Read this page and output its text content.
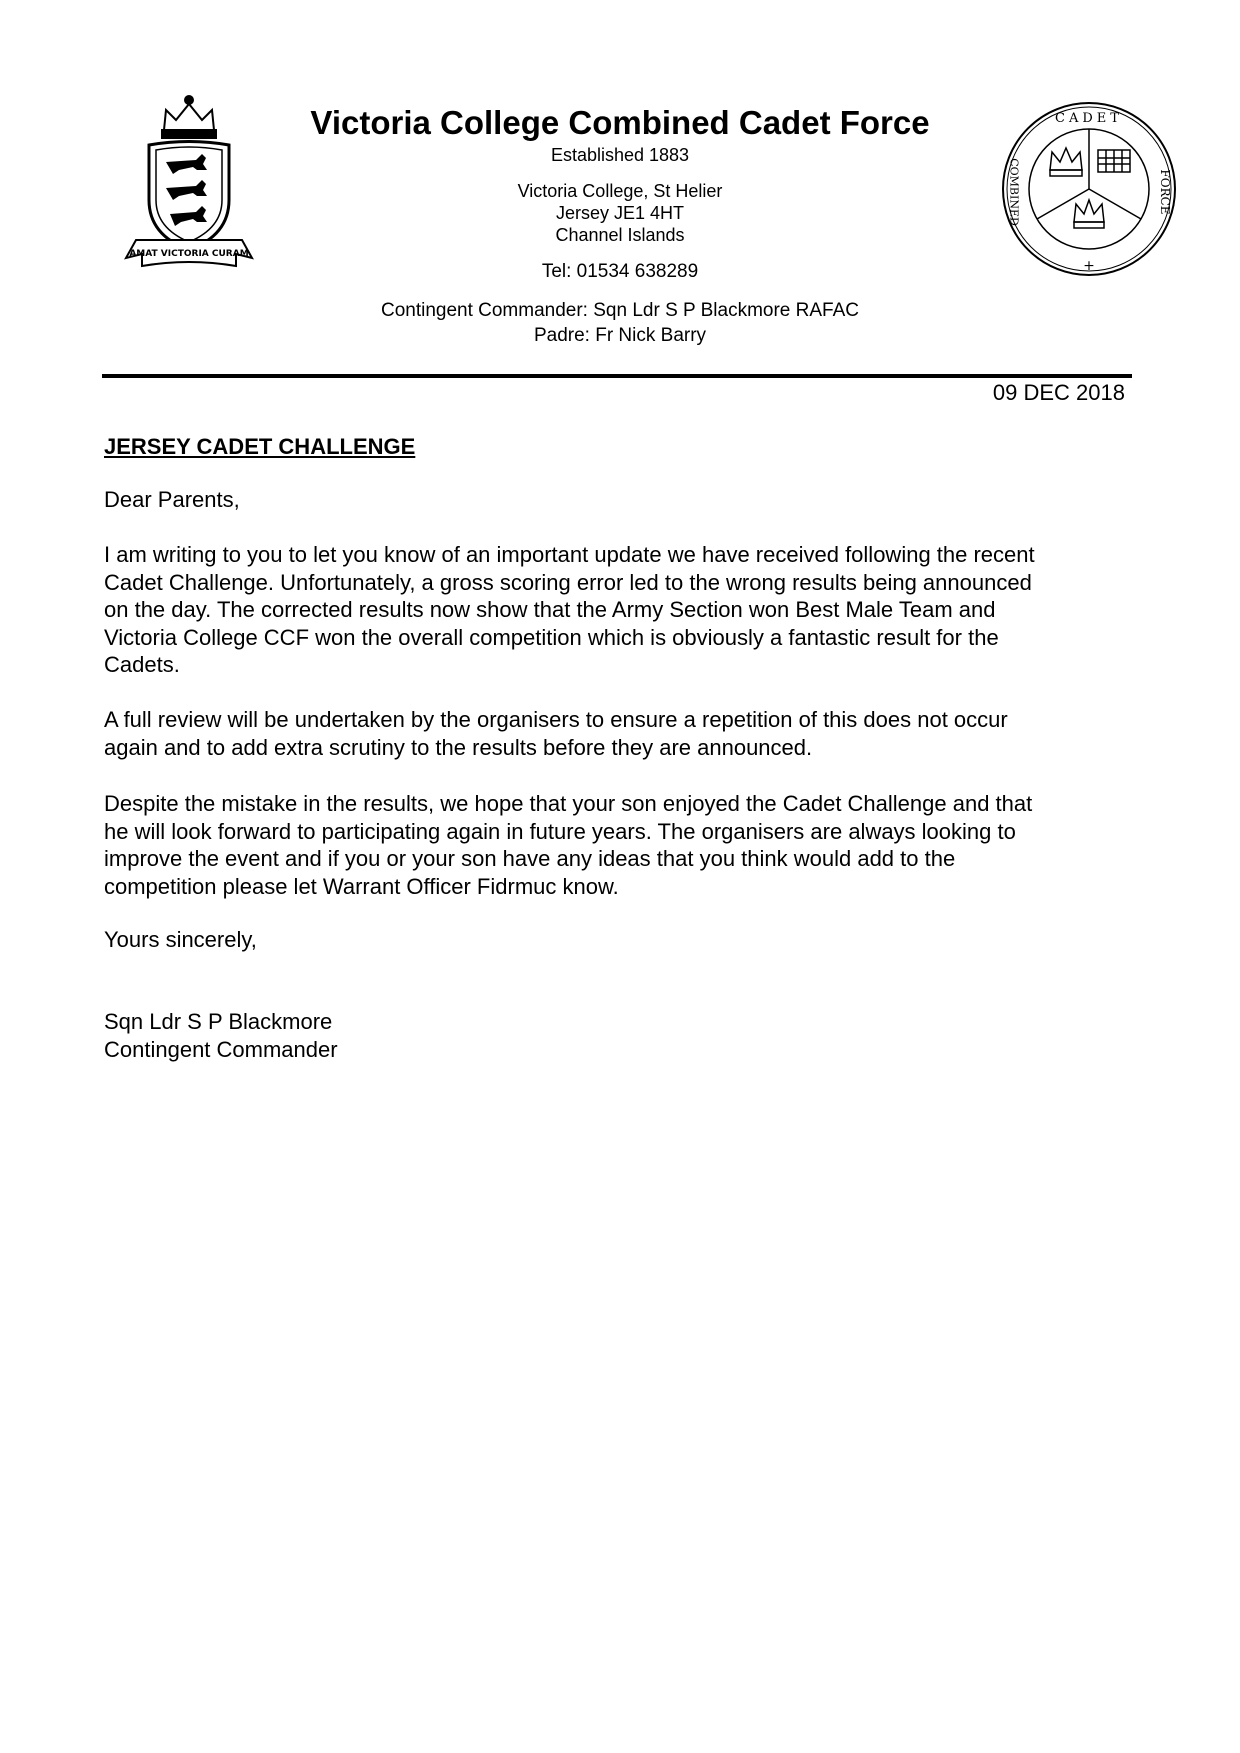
AMAT VICTORIA CURAM
+
CADET
COMBINED	FORCE
Victoria College Combined Cadet Force
Established 1883
Victoria College, St Helier
Jersey JE1 4HT
Channel Islands
Tel: 01534 638289
Contingent Commander: Sqn Ldr S P Blackmore RAFAC
Padre: Fr Nick Barry
09 DEC 2018
JERSEY CADET CHALLENGE
Dear Parents,
I am writing to you to let you know of an important update we have received following the recent
Cadet Challenge. Unfortunately, a gross scoring error led to the wrong results being announced
on the day. The corrected results now show that the Army Section won Best Male Team and
Victoria College CCF won the overall competition which is obviously a fantastic result for the
Cadets.
A full review will be undertaken by the organisers to ensure a repetition of this does not occur
again and to add extra scrutiny to the results before they are announced.
Despite the mistake in the results, we hope that your son enjoyed the Cadet Challenge and that
he will look forward to participating again in future years. The organisers are always looking to
improve the event and if you or your son have any ideas that you think would add to the
competition please let Warrant Officer Fidrmuc know.
Yours sincerely,
Sqn Ldr S P Blackmore
Contingent Commander
